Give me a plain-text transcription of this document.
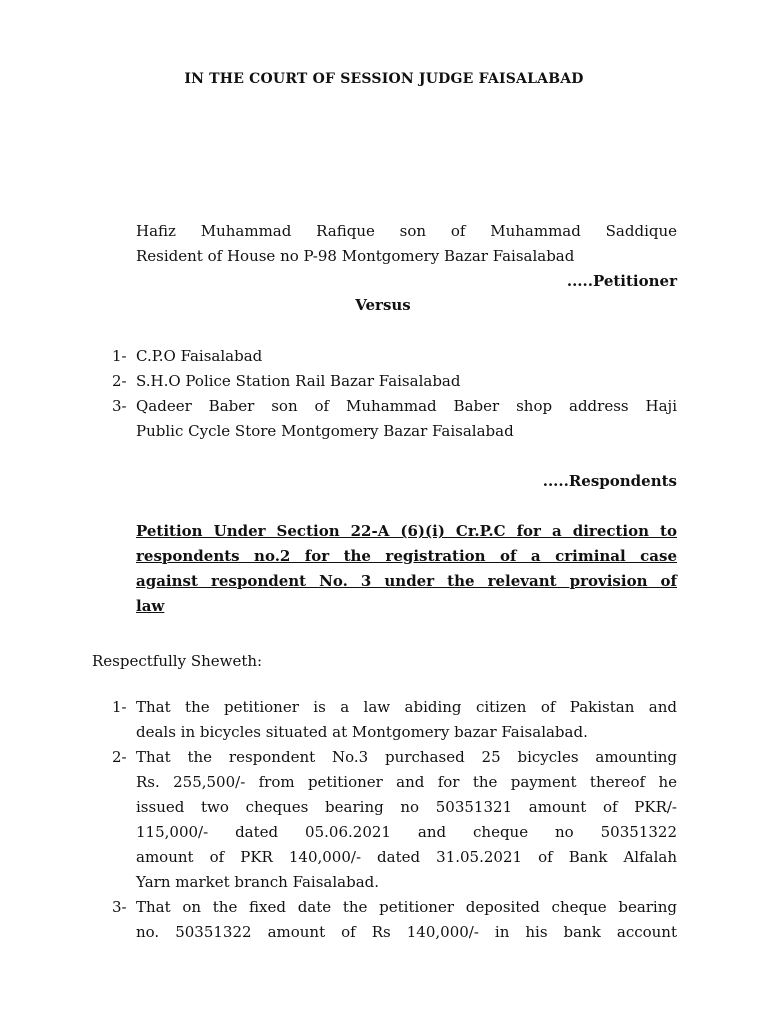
IN THE COURT OF SESSION JUDGE FAISALABAD
Hafiz Muhammad Rafique son of Muhammad Saddique
Resident of House no P-98 Montgomery Bazar Faisalabad
.....Petitioner
Versus
1- C.P.O Faisalabad
2- S.H.O Police Station Rail Bazar Faisalabad
3- Qadeer Baber son of Muhammad Baber shop address Haji
Public Cycle Store Montgomery Bazar Faisalabad
.....Respondents
Petition Under Section 22-A (6)(i) Cr.P.C for a direction to
respondents no.2 for the registration of a criminal case
against respondent No. 3 under the relevant provision of
law
Respectfully Sheweth:
1- That the petitioner is a law abiding citizen of Pakistan and
deals in bicycles situated at Montgomery bazar Faisalabad.
2- That the respondent No.3 purchased 25 bicycles amounting
Rs. 255,500/- from petitioner and for the payment thereof he
issued two cheques bearing no 50351321 amount of PKR/-
115,000/- dated 05.06.2021 and cheque no 50351322
amount of PKR 140,000/- dated 31.05.2021 of Bank Alfalah
Yarn market branch Faisalabad.
3- That on the fixed date the petitioner deposited cheque bearing
no. 50351322 amount of Rs 140,000/- in his bank account
